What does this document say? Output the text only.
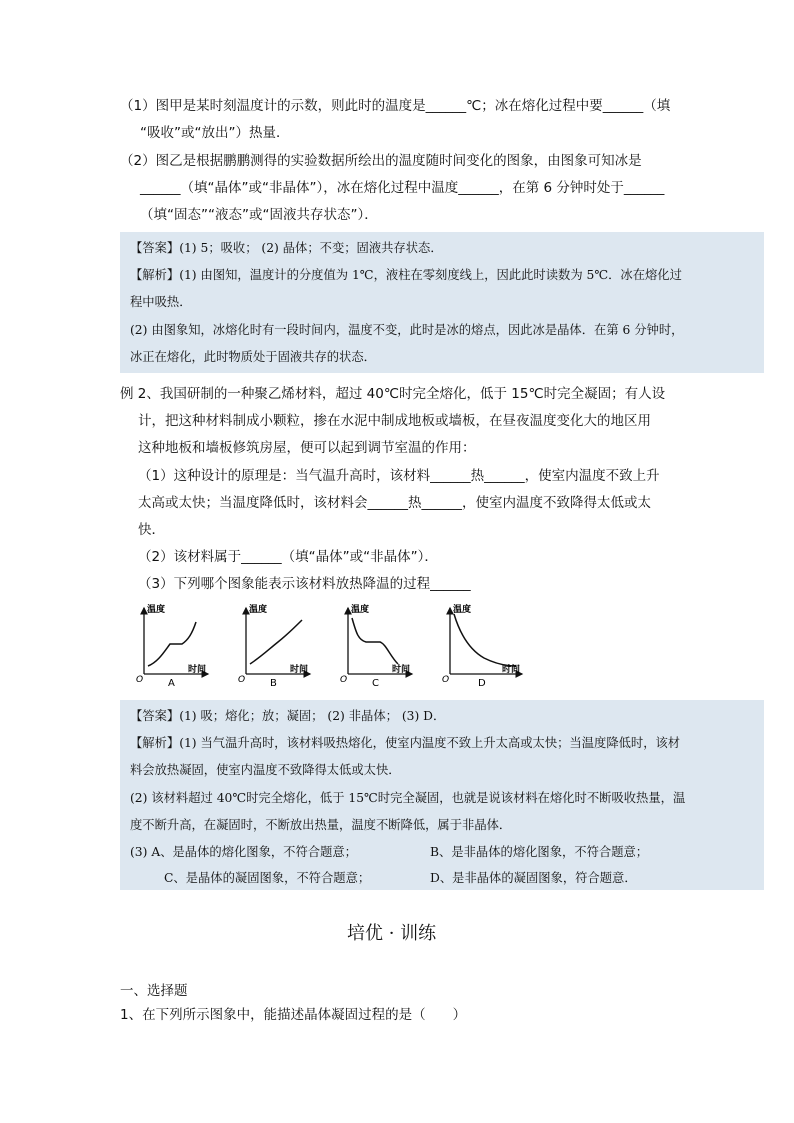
（1）图甲是某时刻温度计的示数，则此时的温度是______℃；冰在熔化过程中要______（填
“吸收”或“放出”）热量．
（2）图乙是根据鹏鹏测得的实验数据所绘出的温度随时间变化的图象，由图象可知冰是
______（填“晶体”或“非晶体”），冰在熔化过程中温度______，在第 6 分钟时处于______
（填“固态”“液态”或“固液共存状态”）．
【答案】(1) 5；吸收； (2) 晶体；不变；固液共存状态．
【解析】(1) 由图知，温度计的分度值为 1℃，液柱在零刻度线上，因此此时读数为 5℃．冰在熔化过
程中吸热．
(2) 由图象知，冰熔化时有一段时间内，温度不变，此时是冰的熔点，因此冰是晶体．在第 6 分钟时，
冰正在熔化，此时物质处于固液共存的状态．
例 2、我国研制的一种聚乙烯材料，超过 40℃时完全熔化，低于 15℃时完全凝固；有人设
计，把这种材料制成小颗粒，掺在水泥中制成地板或墙板，在昼夜温度变化大的地区用
这种地板和墙板修筑房屋，便可以起到调节室温的作用：
（1）这种设计的原理是：当气温升高时，该材料______热______，使室内温度不致上升
太高或太快；当温度降低时，该材料会______热______，使室内温度不致降得太低或太
快．
（2）该材料属于______（填“晶体”或“非晶体”）．
（3）下列哪个图象能表示该材料放热降温的过程______
温度
时间
O A
温度
时间
O B
温度
时间
O C
温度
时间
O	D
【答案】(1) 吸；熔化；放；凝固； (2) 非晶体； (3) D．
【解析】(1) 当气温升高时，该材料吸热熔化，使室内温度不致上升太高或太快；当温度降低时，该材
料会放热凝固，使室内温度不致降得太低或太快．
(2) 该材料超过 40℃时完全熔化，低于 15℃时完全凝固，也就是说该材料在熔化时不断吸收热量，温
度不断升高，在凝固时，不断放出热量，温度不断降低，属于非晶体．
(3) A、是晶体的熔化图象，不符合题意；	B、是非晶体的熔化图象，不符合题意；
C、是晶体的凝固图象，不符合题意；	D、是非晶体的凝固图象，符合题意．
培优 · 训练
一、选择题
1、在下列所示图象中，能描述晶体凝固过程的是（　　）
